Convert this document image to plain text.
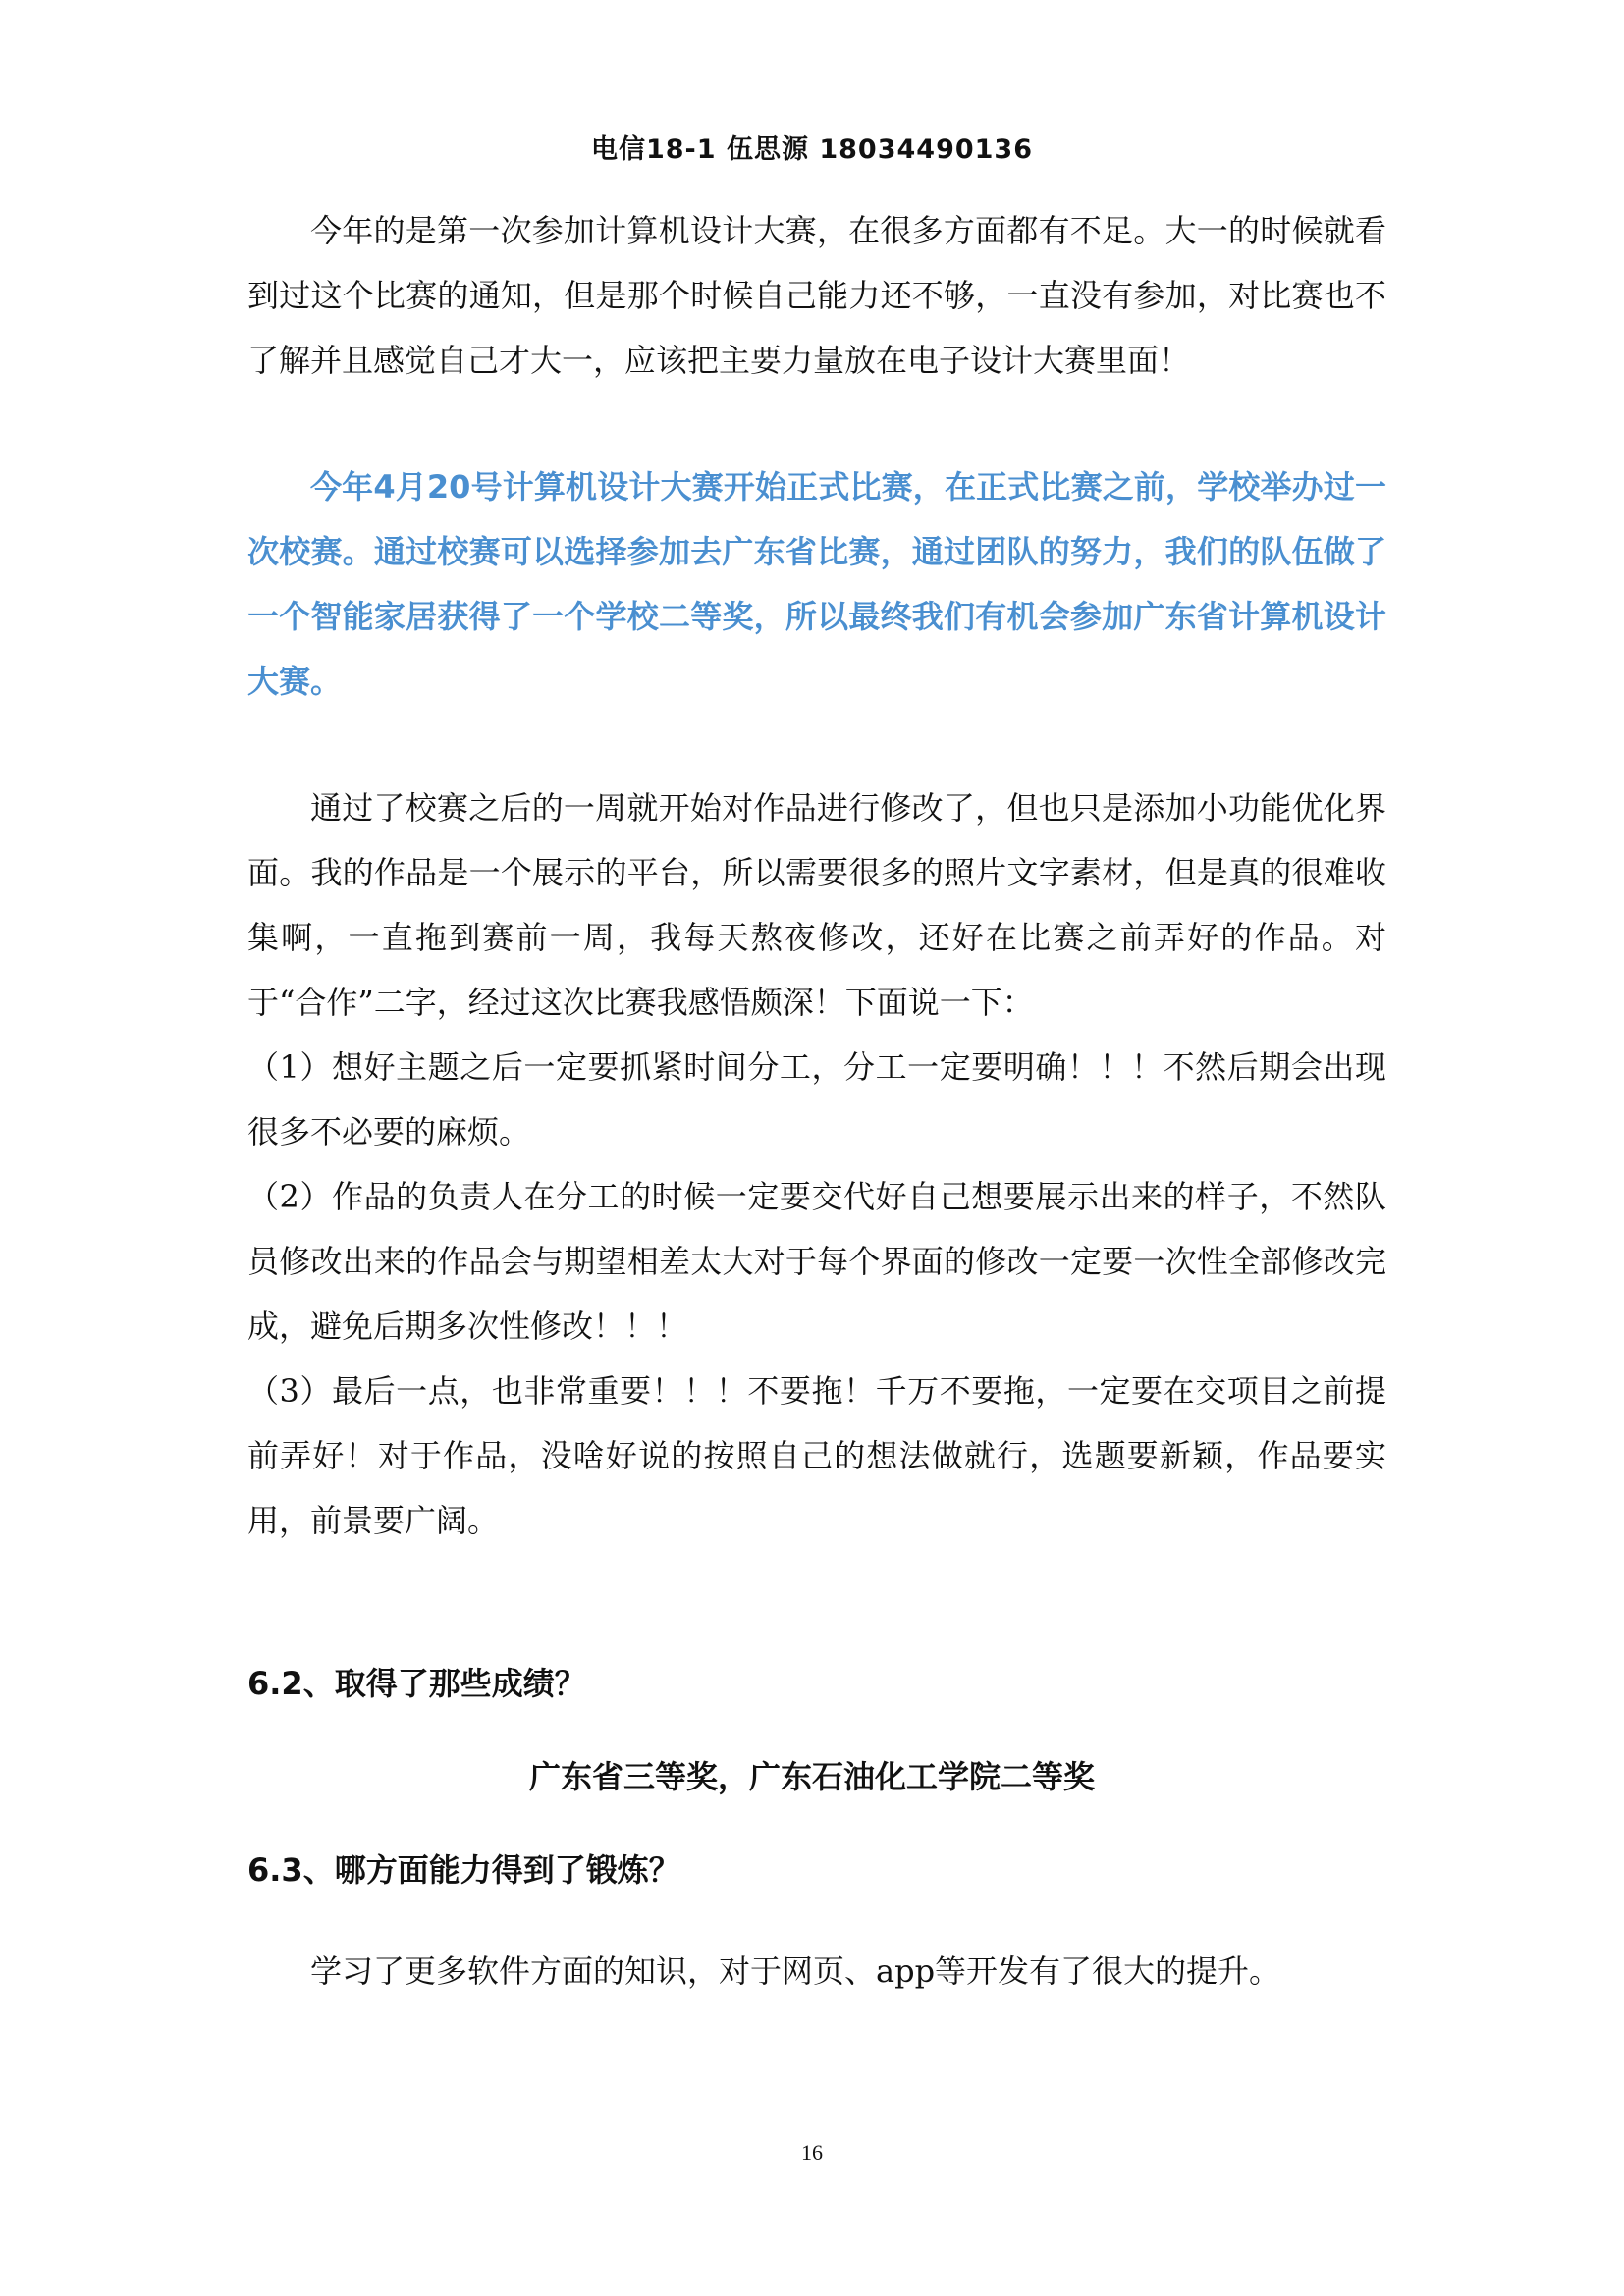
电信18-1 伍思源 18034490136
今年的是第一次参加计算机设计大赛，在很多方面都有不足。大一的时候就看到过这个比赛的通知，但是那个时候自己能力还不够，一直没有参加，对比赛也不了解并且感觉自己才大一，应该把主要力量放在电子设计大赛里面！
今年4月20号计算机设计大赛开始正式比赛，在正式比赛之前，学校举办过一次校赛。通过校赛可以选择参加去广东省比赛，通过团队的努力，我们的队伍做了一个智能家居获得了一个学校二等奖，所以最终我们有机会参加广东省计算机设计大赛。
通过了校赛之后的一周就开始对作品进行修改了，但也只是添加小功能优化界面。我的作品是一个展示的平台，所以需要很多的照片文字素材，但是真的很难收集啊，一直拖到赛前一周，我每天熬夜修改，还好在比赛之前弄好的作品。对于“合作”二字，经过这次比赛我感悟颇深！下面说一下：
（1）想好主题之后一定要抓紧时间分工，分工一定要明确！！！不然后期会出现很多不必要的麻烦。
（2）作品的负责人在分工的时候一定要交代好自己想要展示出来的样子，不然队员修改出来的作品会与期望相差太大对于每个界面的修改一定要一次性全部修改完成，避免后期多次性修改！！！
（3）最后一点，也非常重要！！！不要拖！千万不要拖，一定要在交项目之前提前弄好！对于作品，没啥好说的按照自己的想法做就行，选题要新颖，作品要实用，前景要广阔。
6.2、取得了那些成绩？
广东省三等奖，广东石油化工学院二等奖
6.3、哪方面能力得到了锻炼？
学习了更多软件方面的知识，对于网页、app等开发有了很大的提升。
16
